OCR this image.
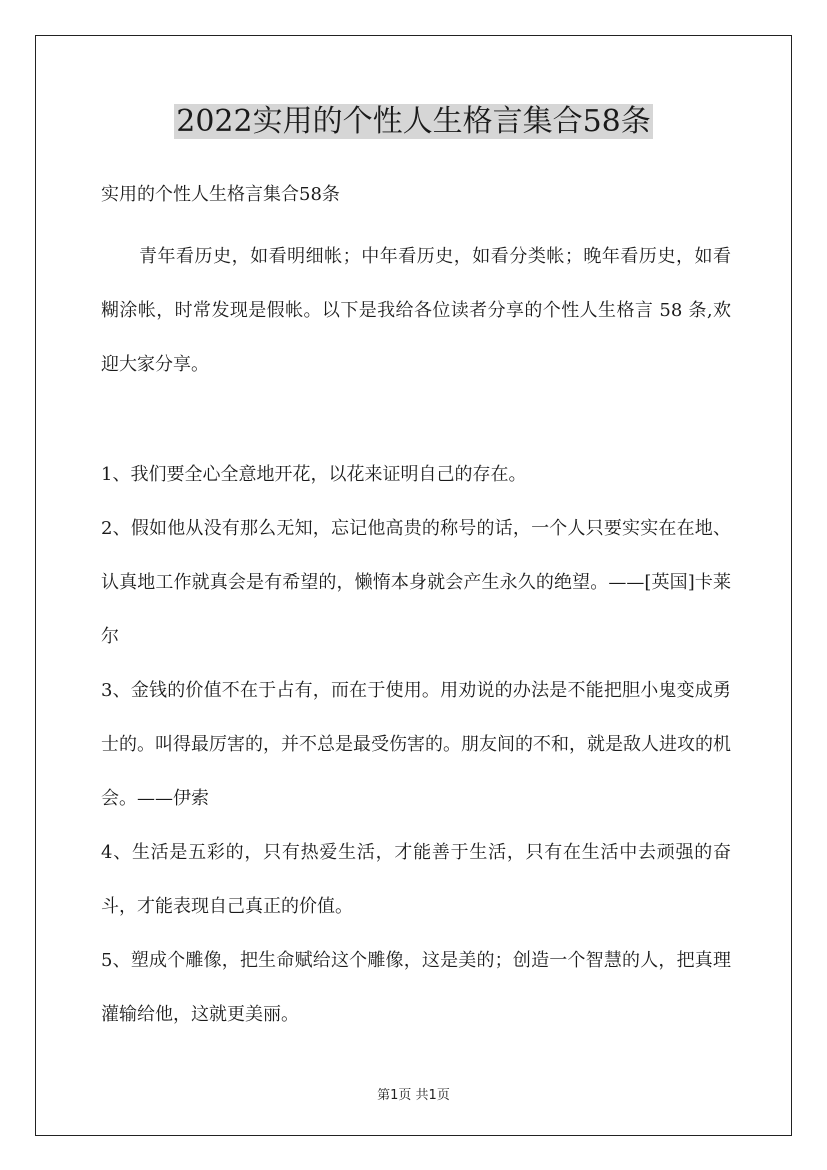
2022实用的个性人生格言集合58条
实用的个性人生格言集合58条
青年看历史，如看明细帐；中年看历史，如看分类帐；晚年看历史，如看糊涂帐，时常发现是假帐。以下是我给各位读者分享的个性人生格言 58 条,欢迎大家分享。

1、我们要全心全意地开花，以花来证明自己的存在。

2、假如他从没有那么无知，忘记他高贵的称号的话，一个人只要实实在在地、认真地工作就真会是有希望的，懒惰本身就会产生永久的绝望。——[英国]卡莱尔

3、金钱的价值不在于占有，而在于使用。用劝说的办法是不能把胆小鬼变成勇士的。叫得最厉害的，并不总是最受伤害的。朋友间的不和，就是敌人进攻的机会。——伊索

4、生活是五彩的，只有热爱生活，才能善于生活，只有在生活中去顽强的奋斗，才能表现自己真正的价值。

5、塑成个雕像，把生命赋给这个雕像，这是美的；创造一个智慧的人，把真理灌输给他，这就更美丽。

第1页 共1页
